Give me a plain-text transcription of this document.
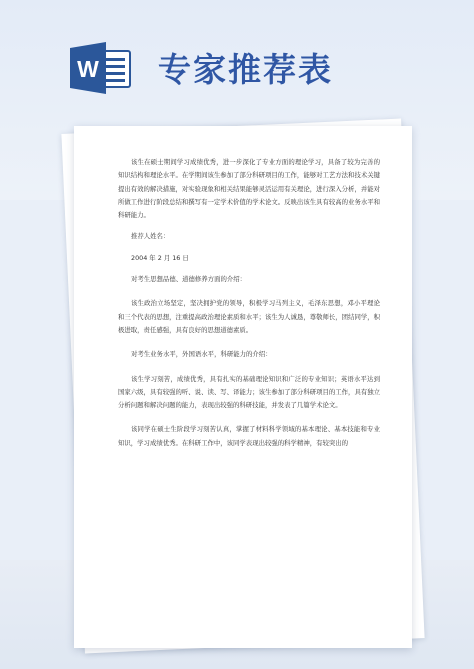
W 专家推荐表

该生在硕士期间学习成绩优秀，进一步深化了专业方面的理论学习，具备了较为完善的知识结构和理论水平。在学期间该生参加了部分科研项目的工作，能够对工艺方法和技术关键提出有效的解决措施，对实验现象和相关结果能够灵活运用有关理论，进行深入分析，并能对所做工作进行阶段总结和撰写有一定学术价值的学术论文。反映出该生具有较高的业务水平和科研能力。

推荐人姓名：

2004 年 2 月 16 日

对考生思想品德、道德修养方面的介绍：

该生政治立场坚定，坚决拥护党的领导，积极学习马列主义，毛泽东思想，邓小平理论和三个代表的思想，注重提高政治理论素质和水平；该生为人诚恳，尊敬师长，团结同学，积极进取，责任感强，具有良好的思想道德素质。

对考生业务水平，外国语水平，科研能力的介绍：

该生学习刻苦，成绩优秀，具有扎实的基础理论知识和广泛的专业知识；英语水平达到国家六级，具有较强的听、说、读、写、译能力；该生参加了部分科研项目的工作，具有独立分析问题和解决问题的能力，表现出较强的科研技能，并发表了几篇学术论文。

该同学在硕士生阶段学习刻苦认真，掌握了材料科学领域的基本理论、基本技能和专业知识，学习成绩优秀。在科研工作中，该同学表现出较强的科学精神，有较突出的
